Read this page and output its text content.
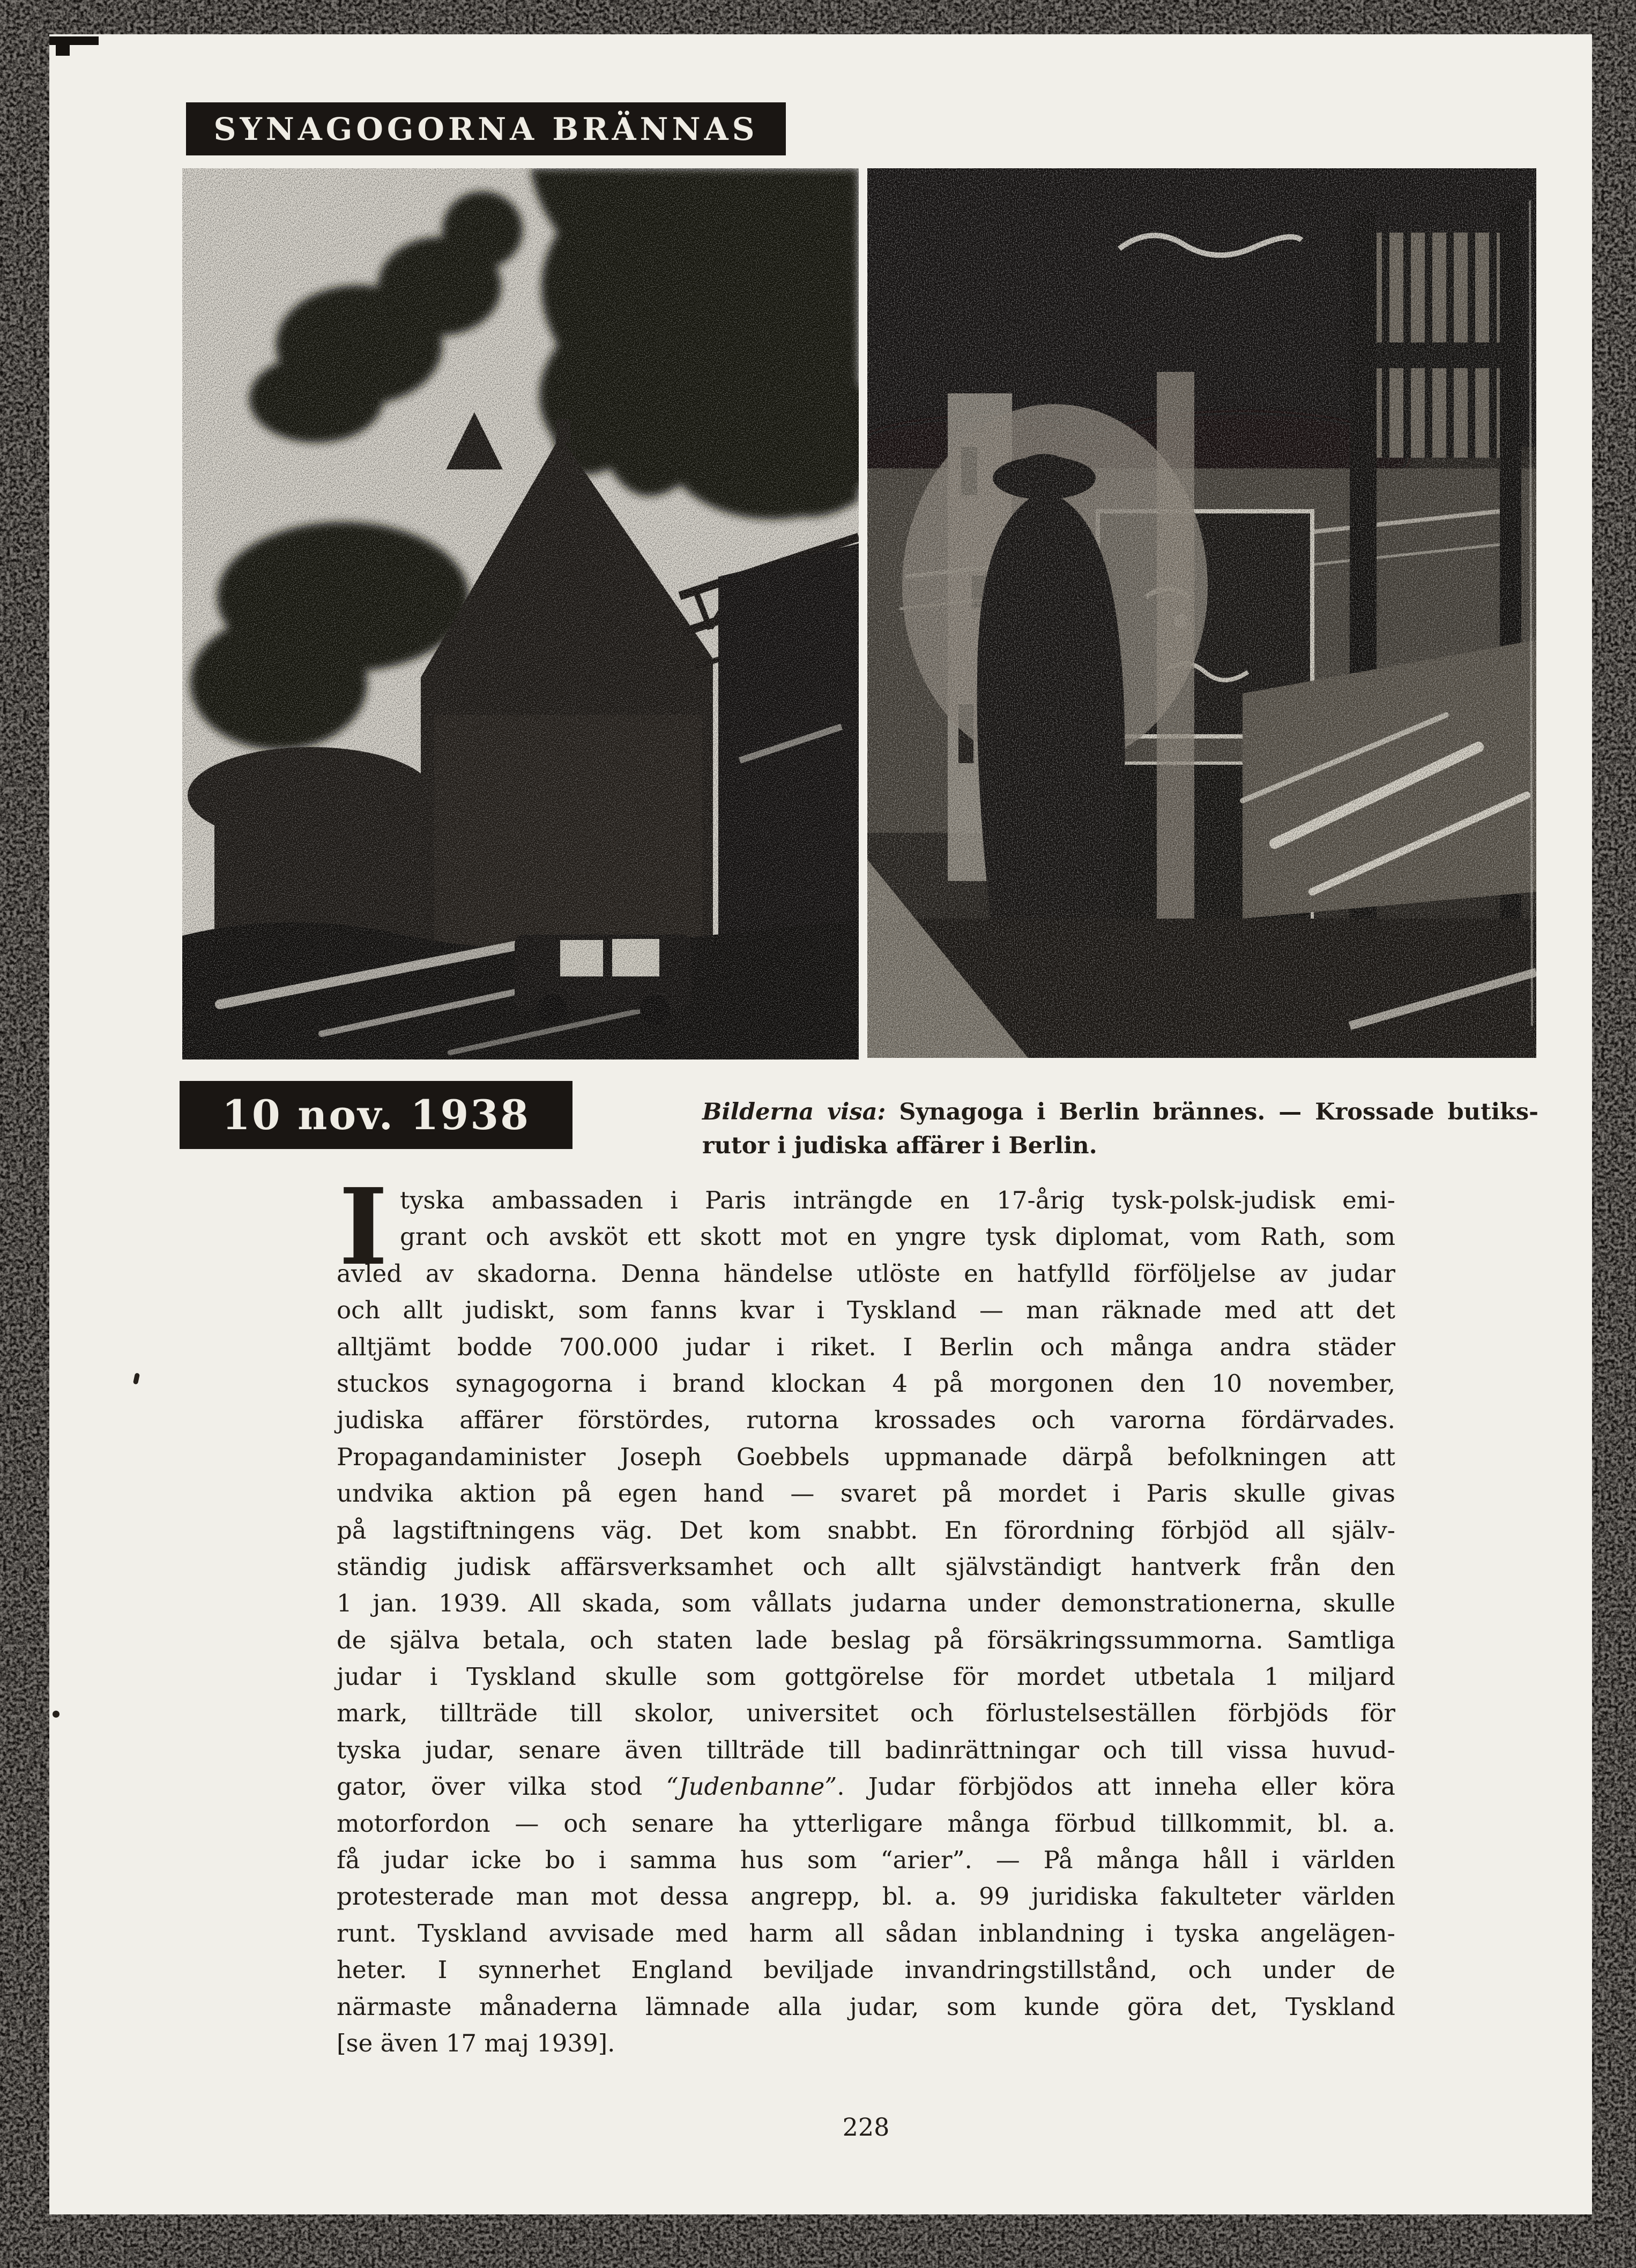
SYNAGOGORNA BRÄNNAS
10 nov. 1938	Bilderna visa: Synagoga i Berlin brännes. — Krossade butiks-
rutor i judiska affärer i Berlin.
I tyska ambassaden i Paris inträngde en 17-årig tysk-polsk-judisk emi-
grant och avsköt ett skott mot en yngre tysk diplomat, vom Rath, som
avled av skadorna. Denna händelse utlöste en hatfylld förföljelse av judar
och allt judiskt, som fanns kvar i Tyskland — man räknade med att det
alltjämt bodde 700.000 judar i riket. I Berlin och många andra städer
stuckos synagogorna i brand klockan 4 på morgonen den 10 november,
judiska affärer förstördes, rutorna krossades och varorna fördärvades.
Propagandaminister Joseph Goebbels uppmanade därpå befolkningen att
undvika aktion på egen hand — svaret på mordet i Paris skulle givas
på lagstiftningens väg. Det kom snabbt. En förordning förbjöd all själv-
ständig judisk affärsverksamhet och allt självständigt hantverk från den
1 jan. 1939. All skada, som vållats judarna under demonstrationerna, skulle
de själva betala, och staten lade beslag på försäkringssummorna. Samtliga
judar i Tyskland skulle som gottgörelse för mordet utbetala 1 miljard
mark, tillträde till skolor, universitet och förlustelseställen förbjöds för
tyska judar, senare även tillträde till badinrättningar och till vissa huvud-
gator, över vilka stod “Judenbanne”. Judar förbjödos att inneha eller köra
motorfordon — och senare ha ytterligare många förbud tillkommit, bl. a.
få judar icke bo i samma hus som “arier”. — På många håll i världen
protesterade man mot dessa angrepp, bl. a. 99 juridiska fakulteter världen
runt. Tyskland avvisade med harm all sådan inblandning i tyska angelägen-
heter. I synnerhet England beviljade invandringstillstånd, och under de
närmaste månaderna lämnade alla judar, som kunde göra det, Tyskland
[se även 17 maj 1939].
228
